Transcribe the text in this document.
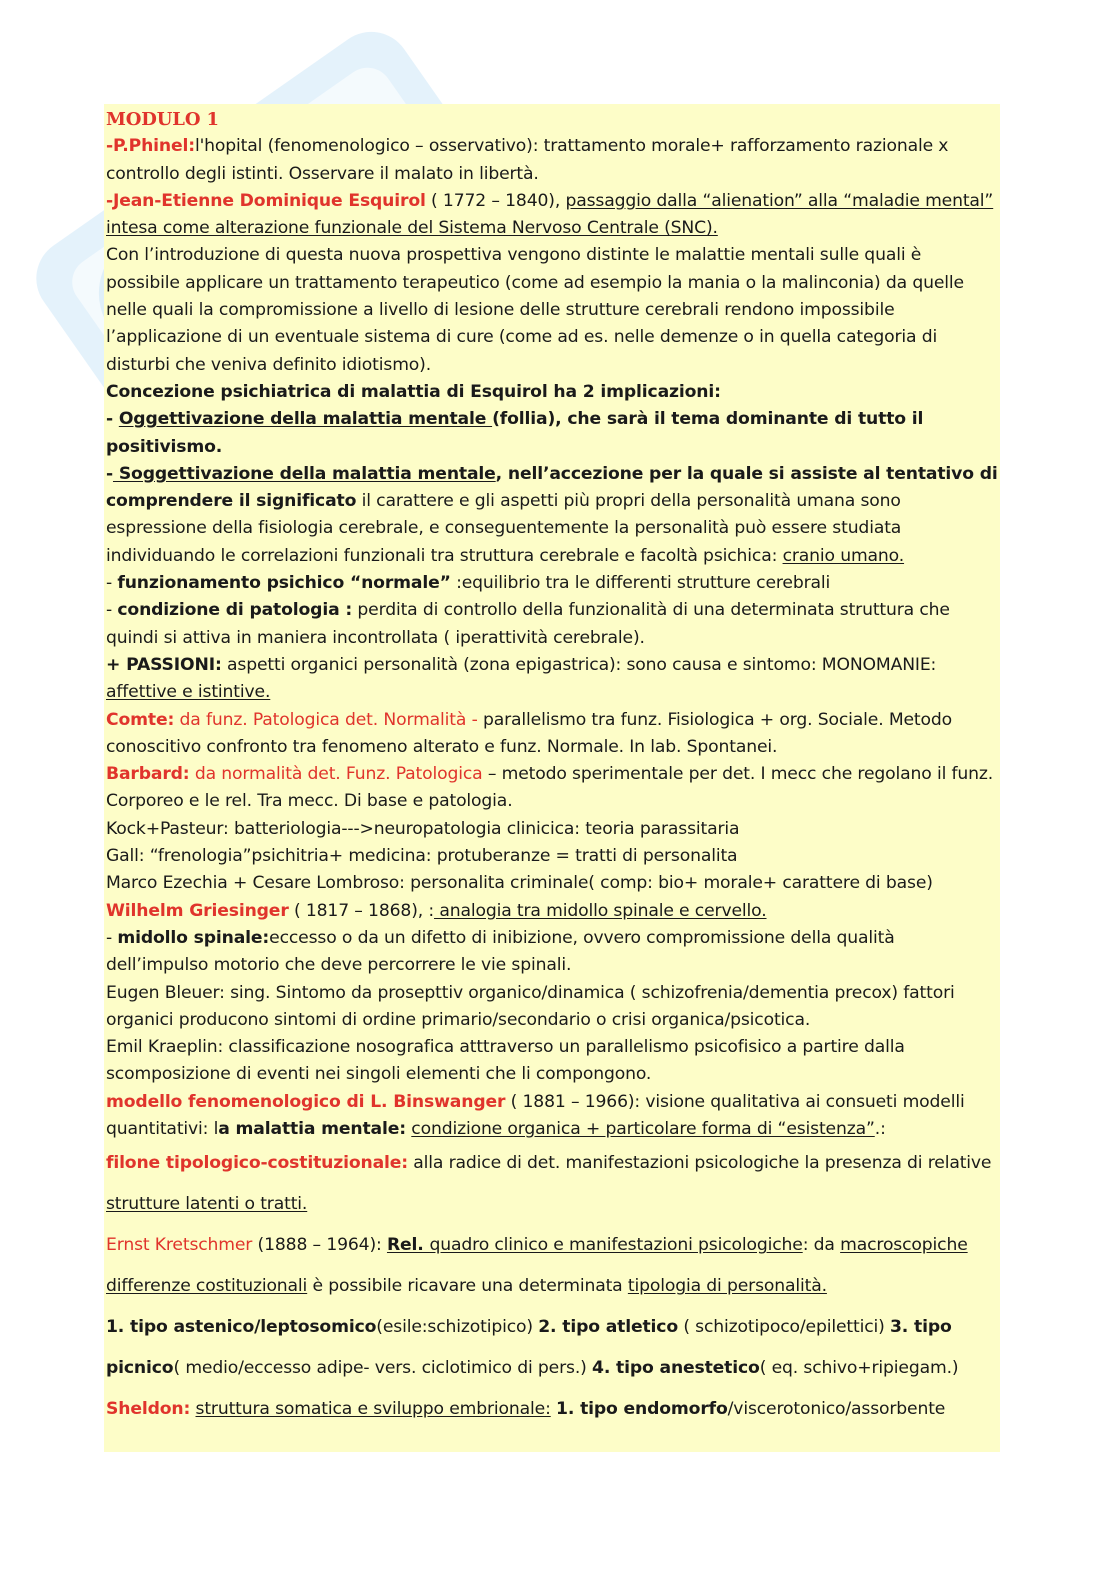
MODULO 1

-P.Phinel:l'hopital (fenomenologico – osservativo): trattamento morale+ rafforzamento razionale x controllo degli istinti. Osservare il malato in libertà.

-Jean-Etienne Dominique Esquirol ( 1772 – 1840), passaggio dalla “alienation” alla “maladie mental” intesa come alterazione funzionale del Sistema Nervoso Centrale (SNC).

Con l’introduzione di questa nuova prospettiva vengono distinte le malattie mentali sulle quali è possibile applicare un trattamento terapeutico (come ad esempio la mania o la malinconia) da quelle nelle quali la compromissione a livello di lesione delle strutture cerebrali rendono impossibile l’applicazione di un eventuale sistema di cure (come ad es. nelle demenze o in quella categoria di disturbi che veniva definito idiotismo).

Concezione psichiatrica di malattia di Esquirol ha 2 implicazioni:

- Oggettivazione della malattia mentale (follia), che sarà il tema dominante di tutto il positivismo.

- Soggettivazione della malattia mentale, nell’accezione per la quale si assiste al tentativo di comprendere il significato il carattere e gli aspetti più propri della personalità umana sono espressione della fisiologia cerebrale, e conseguentemente la personalità può essere studiata individuando le correlazioni funzionali tra struttura cerebrale e facoltà psichica: cranio umano.

- funzionamento psichico “normale” :equilibrio tra le differenti strutture cerebrali

- condizione di patologia : perdita di controllo della funzionalità di una determinata struttura che quindi si attiva in maniera incontrollata ( iperattività cerebrale).

+ PASSIONI: aspetti organici personalità (zona epigastrica): sono causa e sintomo: MONOMANIE: affettive e istintive.

Comte: da funz. Patologica det. Normalità - parallelismo tra funz. Fisiologica + org. Sociale. Metodo conoscitivo confronto tra fenomeno alterato e funz. Normale. In lab. Spontanei.

Barbard: da normalità det. Funz. Patologica – metodo sperimentale per det. I mecc che regolano il funz. Corporeo e le rel. Tra mecc. Di base e patologia.

Kock+Pasteur: batteriologia--->neuropatologia clinicica: teoria parassitaria

Gall: “frenologia”psichitria+ medicina: protuberanze = tratti di personalita

Marco Ezechia + Cesare Lombroso: personalita criminale( comp: bio+ morale+ carattere di base)

Wilhelm Griesinger ( 1817 – 1868), : analogia tra midollo spinale e cervello.

- midollo spinale:eccesso o da un difetto di inibizione, ovvero compromissione della qualità dell’impulso motorio che deve percorrere le vie spinali.

Eugen Bleuer: sing. Sintomo da prosepttiv organico/dinamica ( schizofrenia/dementia precox) fattori organici producono sintomi di ordine primario/secondario o crisi organica/psicotica.

Emil Kraeplin: classificazione nosografica atttraverso un parallelismo psicofisico a partire dalla scomposizione di eventi nei singoli elementi che li compongono.

modello fenomenologico di L. Binswanger ( 1881 – 1966): visione qualitativa ai consueti modelli quantitativi: la malattia mentale: condizione organica + particolare forma di “esistenza”.:

filone tipologico-costituzionale: alla radice di det. manifestazioni psicologiche la presenza di relative strutture latenti o tratti.

Ernst Kretschmer (1888 – 1964): Rel. quadro clinico e manifestazioni psicologiche: da macroscopiche differenze costituzionali è possibile ricavare una determinata tipologia di personalità.

1. tipo astenico/leptosomico(esile:schizotipico) 2. tipo atletico ( schizotipoco/epilettici) 3. tipo picnico( medio/eccesso adipe- vers. ciclotimico di pers.) 4. tipo anestetico( eq. schivo+ripiegam.)

Sheldon: struttura somatica e sviluppo embrionale: 1. tipo endomorfo/viscerotonico/assorbente
